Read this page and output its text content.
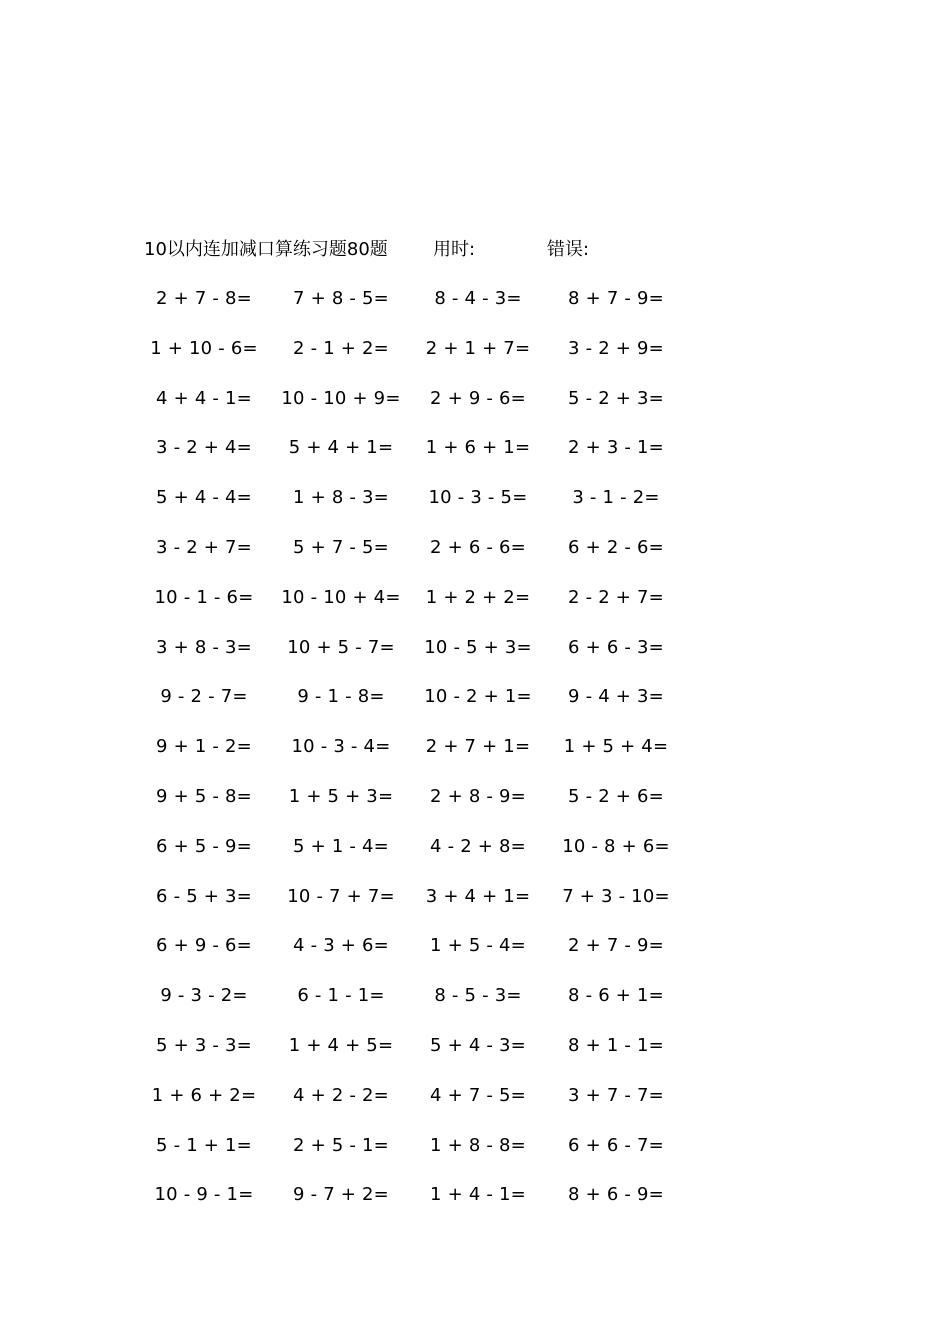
10以内连加减口算练习题80题	用时:	错误:
2 + 7 - 8=	7 + 8 - 5=	8 - 4 - 3=	8 + 7 - 9=
1 + 10 - 6=	2 - 1 + 2=	2 + 1 + 7=	3 - 2 + 9=
4 + 4 - 1=	10 - 10 + 9=	2 + 9 - 6=	5 - 2 + 3=
3 - 2 + 4=	5 + 4 + 1=	1 + 6 + 1=	2 + 3 - 1=
5 + 4 - 4=	1 + 8 - 3=	10 - 3 - 5=	3 - 1 - 2=
3 - 2 + 7=	5 + 7 - 5=	2 + 6 - 6=	6 + 2 - 6=
10 - 1 - 6=	10 - 10 + 4=	1 + 2 + 2=	2 - 2 + 7=
3 + 8 - 3=	10 + 5 - 7=	10 - 5 + 3=	6 + 6 - 3=
9 - 2 - 7=	9 - 1 - 8=	10 - 2 + 1=	9 - 4 + 3=
9 + 1 - 2=	10 - 3 - 4=	2 + 7 + 1=	1 + 5 + 4=
9 + 5 - 8=	1 + 5 + 3=	2 + 8 - 9=	5 - 2 + 6=
6 + 5 - 9=	5 + 1 - 4=	4 - 2 + 8=	10 - 8 + 6=
6 - 5 + 3=	10 - 7 + 7=	3 + 4 + 1=	7 + 3 - 10=
6 + 9 - 6=	4 - 3 + 6=	1 + 5 - 4=	2 + 7 - 9=
9 - 3 - 2=	6 - 1 - 1=	8 - 5 - 3=	8 - 6 + 1=
5 + 3 - 3=	1 + 4 + 5=	5 + 4 - 3=	8 + 1 - 1=
1 + 6 + 2=	4 + 2 - 2=	4 + 7 - 5=	3 + 7 - 7=
5 - 1 + 1=	2 + 5 - 1=	1 + 8 - 8=	6 + 6 - 7=
10 - 9 - 1=	9 - 7 + 2=	1 + 4 - 1=	8 + 6 - 9=
